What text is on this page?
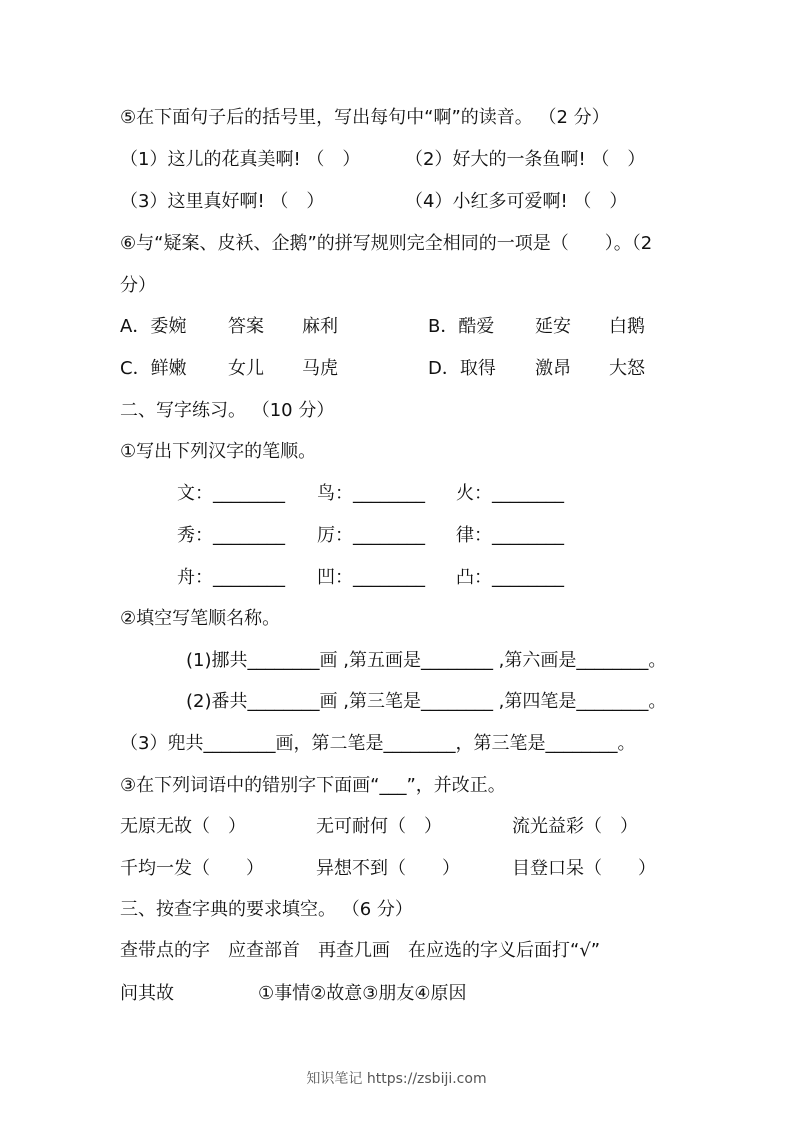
⑤在下面句子后的括号里，写出每句中“啊”的读音。 （2 分）
（1）这儿的花真美啊! （　） （2）好大的一条鱼啊! （　）
（3）这里真好啊! （　）	（4）小红多可爱啊! （　）
⑥与“疑案、皮袄、企鹅”的拼写规则完全相同的一项是（　　）。（2
分）
A．委婉 答案 麻利	B．酷爱 延安 白鹅
C．鲜嫩 女儿 马虎	D．取得 激昂 大怒
二、写字练习。 （10 分）
①写出下列汉字的笔顺。
文：________ 鸟：________ 火：________
秀：________ 厉：________ 律：________
舟：________ 凹：________ 凸：________
②填空写笔顺名称。
(1)挪共________画 ,第五画是________ ,第六画是________。
(2)番共________画 ,第三笔是________ ,第四笔是________。
（3）兜共________画，第二笔是________，第三笔是________。
③在下列词语中的错别字下面画“___”，并改正。
无原无故（　）	无可耐何（　）	流光益彩（　）
千均一发（　　）	异想不到（　　）	目登口呆（　　）
三、按查字典的要求填空。 （6 分）
查带点的字　应查部首　再查几画　在应选的字义后面打“√”
问其故	①事情②故意③朋友④原因
知识笔记 https://zsbiji.com
